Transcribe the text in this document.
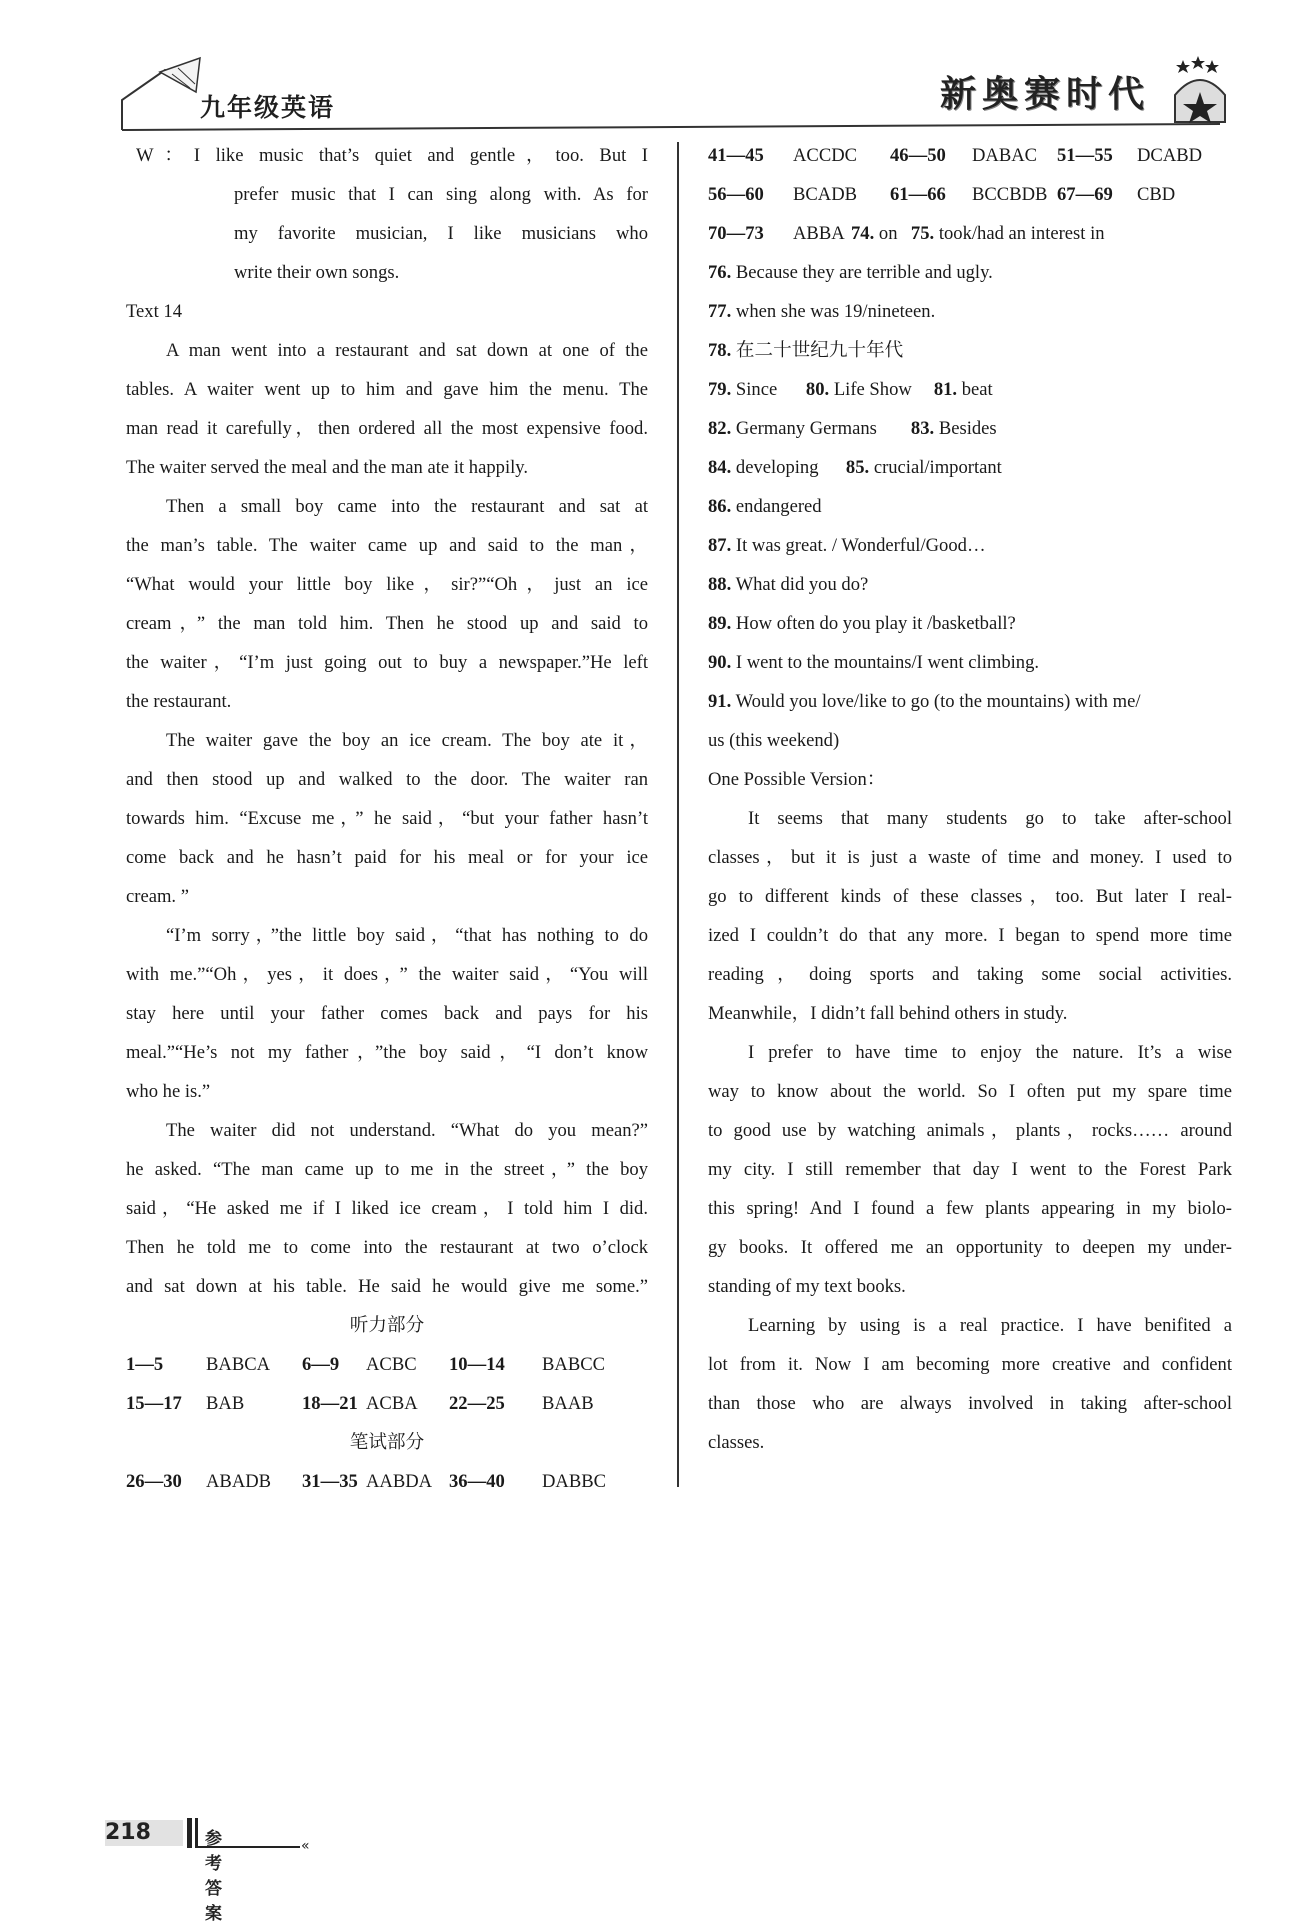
九年级英语	新奥赛时代
W：I like music that’s quiet and gentle，too. But I
prefer music that I can sing along with. As for
my favorite musician, I like musicians who
write their own songs.
Text 14
A man went into a restaurant and sat down at one of the
tables. A waiter went up to him and gave him the menu. The
man read it carefully，then ordered all the most expensive food.
The waiter served the meal and the man ate it happily.
Then a small boy came into the restaurant and sat at
the man’s table. The waiter came up and said to the man，
“What would your little boy like，sir?”“Oh，just an ice
cream，” the man told him. Then he stood up and said to
the waiter，“I’m just going out to buy a newspaper.”He left
the restaurant.
The waiter gave the boy an ice cream. The boy ate it，
and then stood up and walked to the door. The waiter ran
towards him. “Excuse me，” he said，“but your father hasn’t
come back and he hasn’t paid for his meal or for your ice
cream. ”
“I’m sorry，”the little boy said，“that has nothing to do
with me.”“Oh，yes，it does，” the waiter said，“You will
stay here until your father comes back and pays for his
meal.”“He’s not my father，”the boy said，“I don’t know
who he is.”
The waiter did not understand. “What do you mean?”
he asked. “The man came up to me in the street，” the boy
said，“He asked me if I liked ice cream，I told him I did.
Then he told me to come into the restaurant at two o’clock
and sat down at his table. He said he would give me some.”
听力部分
1—5 BABCA 6—9 ACBC 10—14 BABCC
15—17 BAB	18—21 ACBA 22—25 BAAB
笔试部分
26—30 ABADB 31—35 AABDA 36—40 DABBC
41—45 ACCDC 46—50 DABAC 51—55 DCABD
56—60 BCADB 61—66 BCCBDB 67—69 CBD
70—73 ABBA 74. on 75. took/had an interest in
76. Because they are terrible and ugly.
77. when she was 19/nineteen.
78. 在二十世纪九十年代
79. Since 80. Life Show 81. beat
82. Germany Germans 83. Besides
84. developing 85. crucial/important
86. endangered
87. It was great. / Wonderful/Good…
88. What did you do?
89. How often do you play it /basketball?
90. I went to the mountains/I went climbing.
91. Would you love/like to go (to the mountains) with me/
us (this weekend)
One Possible Version：
It seems that many students go to take after-school
classes，but it is just a waste of time and money. I used to
go to different kinds of these classes，too. But later I real-
ized I couldn’t do that any more. I began to spend more time
reading，doing sports and taking some social activities.
Meanwhile，I didn’t fall behind others in study.
I prefer to have time to enjoy the nature. It’s a wise
way to know about the world. So I often put my spare time
to good use by watching animals，plants，rocks…… around
my city. I still remember that day I went to the Forest Park
this spring! And I found a few plants appearing in my biolo-
gy books. It offered me an opportunity to deepen my under-
standing of my text books.
Learning by using is a real practice. I have benifited a
lot from it. Now I am becoming more creative and confident
than those who are always involved in taking after-school
classes.
«
218	参考答案
